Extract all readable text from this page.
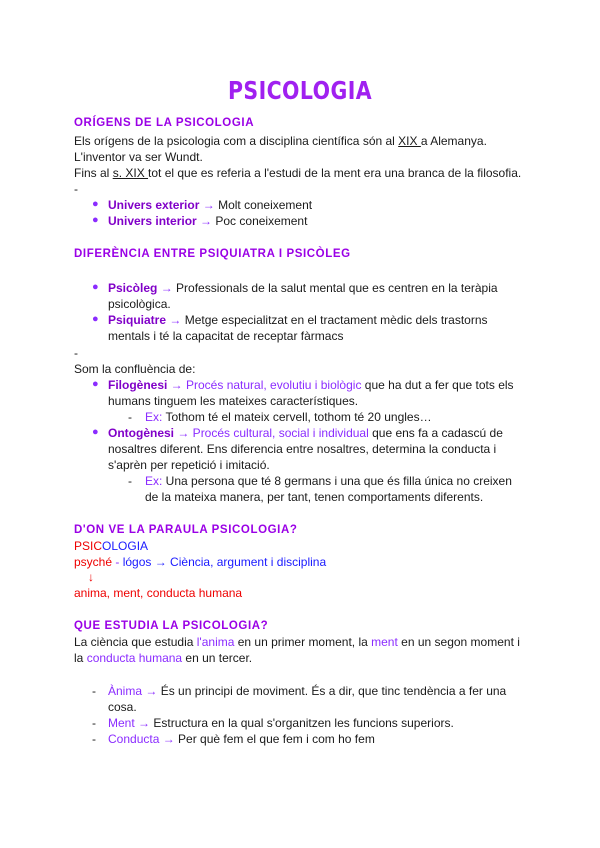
PSICOLOGIA
ORÍGENS DE LA PSICOLOGIA
Els orígens de la psicologia com a disciplina científica són al XIX a Alemanya.
L'inventor va ser Wundt.
Fins al s. XIX tot el que es referia a l'estudi de la ment era una branca de la filosofia.
-
● Univers exterior → Molt coneixement
● Univers interior → Poc coneixement
DIFERÈNCIA ENTRE PSIQUIATRA I PSICÒLEG
● Psicòleg → Professionals de la salut mental que es centren en la teràpia
psicològica.
● Psiquiatre → Metge especialitzat en el tractament mèdic dels trastorns
mentals i té la capacitat de receptar fàrmacs
-
Som la confluència de:
● Filogènesi → Procés natural, evolutiu i biològic que ha dut a fer que tots els
humans tinguem les mateixes característiques.
- Ex: Tothom té el mateix cervell, tothom té 20 ungles…
● Ontogènesi → Procés cultural, social i individual que ens fa a cadascú de
nosaltres diferent. Ens diferencia entre nosaltres, determina la conducta i
s'aprèn per repetició i imitació.
- Ex: Una persona que té 8 germans i una que és filla única no creixen
de la mateixa manera, per tant, tenen comportaments diferents.
D'ON VE LA PARAULA PSICOLOGIA?
PSICOLOGIA
psyché - lógos → Ciència, argument i disciplina
↓
anima, ment, conducta humana
QUE ESTUDIA LA PSICOLOGIA?
La ciència que estudia l'anima en un primer moment, la ment en un segon moment i
la conducta humana en un tercer.
- Ànima → És un principi de moviment. És a dir, que tinc tendència a fer una
cosa.
- Ment → Estructura en la qual s'organitzen les funcions superiors.
- Conducta → Per què fem el que fem i com ho fem
